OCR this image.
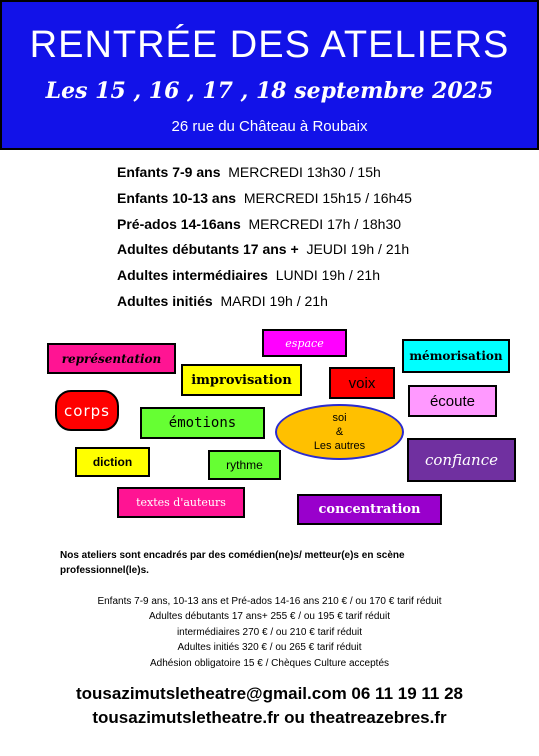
RENTRÉE DES ATELIERS
Les 15 , 16 , 17 , 18 septembre 2025
26 rue du Château à Roubaix
Enfants 7-9 ans MERCREDI 13h30 / 15h
Enfants 10-13 ans MERCREDI 15h15 / 16h45
Pré-ados 14-16ans MERCREDI 17h / 18h30
Adultes débutants 17 ans + JEUDI 19h / 21h
Adultes intermédiaires LUNDI 19h / 21h
Adultes initiés MARDI 19h / 21h
représentation
espace
mémorisation
improvisation	voix
corps
écoute
émotions	soi
&
Les autres
confiance
diction	rythme
textes d'auteurs	concentration

Nos ateliers sont encadrés par des comédien(ne)s/ metteur(e)s en scène professionnel(le)s.

Enfants 7-9 ans, 10-13 ans et Pré-ados 14-16 ans 210 € / ou 170 € tarif réduit
Adultes débutants 17 ans+ 255 € / ou 195 € tarif réduit
intermédiaires 270 € / ou 210 € tarif réduit
Adultes initiés 320 € / ou 265 € tarif réduit
Adhésion obligatoire 15 € / Chèques Culture acceptés
tousazimutsletheatre@gmail.com 06 11 19 11 28
tousazimutsletheatre.fr ou theatreazebres.fr
